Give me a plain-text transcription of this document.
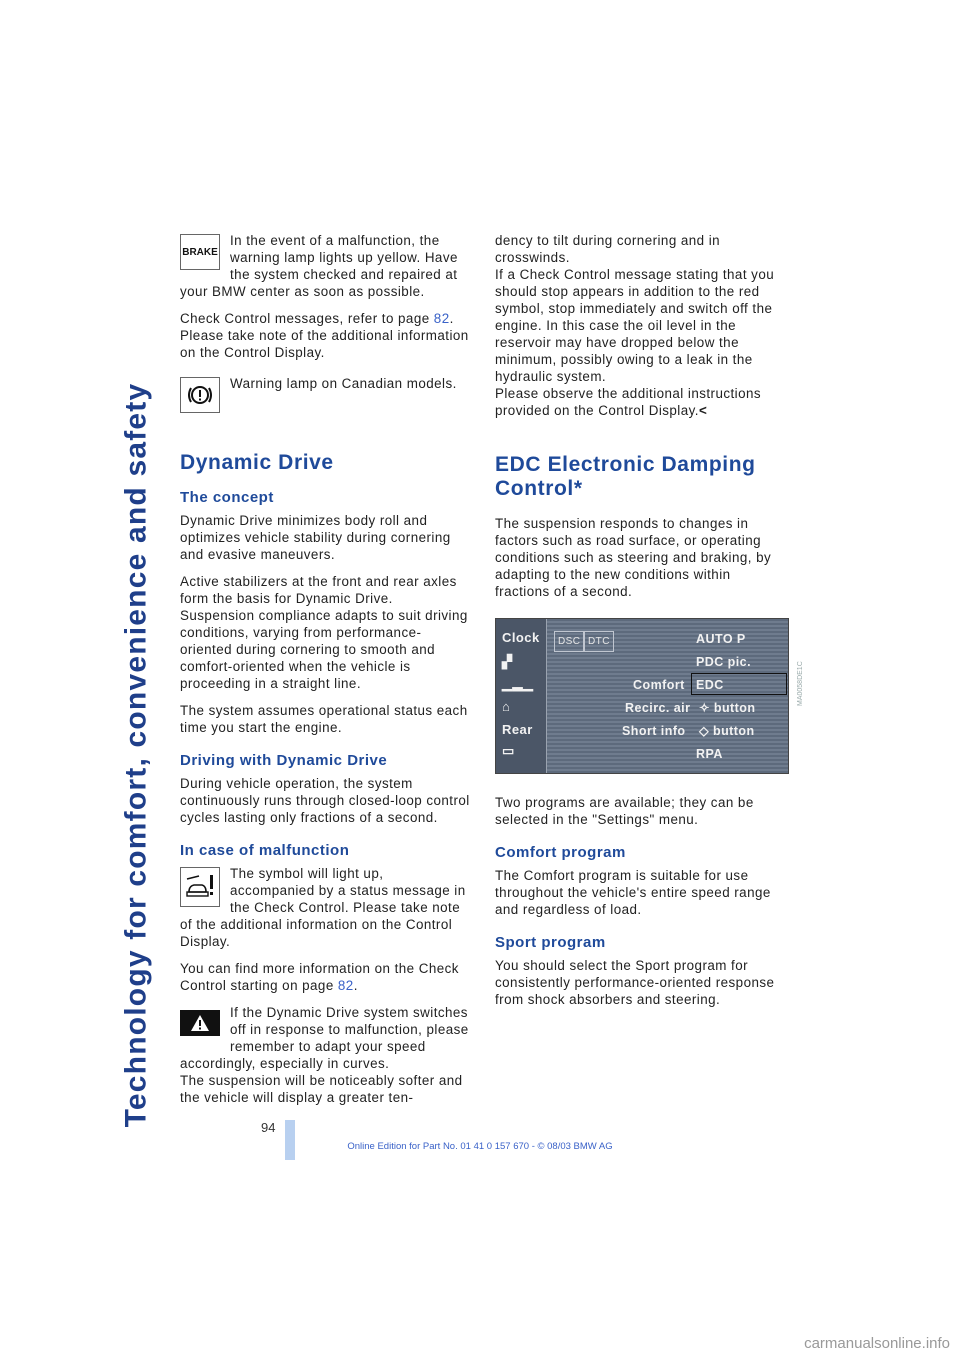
Technology for comfort, convenience and safety
BRAKE

In the event of a malfunction, the warning lamp lights up yellow. Have the system checked and repaired at your BMW center as soon as possible.

Check Control messages, refer to page 82.
Please take note of the additional information on the Control Display.

Warning lamp on Canadian models.

Dynamic Drive
The concept

Dynamic Drive minimizes body roll and optimizes vehicle stability during cornering and evasive maneuvers.

Active stabilizers at the front and rear axles form the basis for Dynamic Drive. Suspension compliance adapts to suit driving conditions, varying from performance-oriented during cornering to smooth and comfort-oriented when the vehicle is proceeding in a straight line.

The system assumes operational status each time you start the engine.

Driving with Dynamic Drive

During vehicle operation, the system continuously runs through closed-loop control cycles lasting only fractions of a second.

In case of malfunction

The symbol will light up, accompanied by a status message in the Check Control. Please take note of the additional information on the Control Display.

You can find more information on the Check Control starting on page 82.

If the Dynamic Drive system switches off in response to malfunction, please remember to adapt your speed accordingly, especially in curves.

The suspension will be noticeably softer and the vehicle will display a greater ten-

dency to tilt during cornering and in crosswinds.

If a Check Control message stating that you should stop appears in addition to the red symbol, stop immediately and switch off the engine. In this case the oil level in the reservoir may have dropped below the minimum, possibly owing to a leak in the hydraulic system.

Please observe the additional instructions provided on the Control Display.<

EDC Electronic Damping Control*

The suspension responds to changes in factors such as road surface, or operating conditions such as steering and braking, by adapting to the new conditions within fractions of a second.

Clock
▞
▁▂▁
⌂
Rear
▭
DSC DTC	AUTO P
PDC pic.
Comfort EDC
Recirc. air ✧ button
Short info ◇ button
RPA

Two programs are available; they can be selected in the "Settings" menu.

Comfort program

The Comfort program is suitable for use throughout the vehicle's entire speed range and regardless of load.

Sport program

You should select the Sport program for consistently performance-oriented response from shock absorbers and steering.

MA0058DE1C
94
Online Edition for Part No. 01 41 0 157 670 - © 08/03 BMW AG
carmanualsonline.info
